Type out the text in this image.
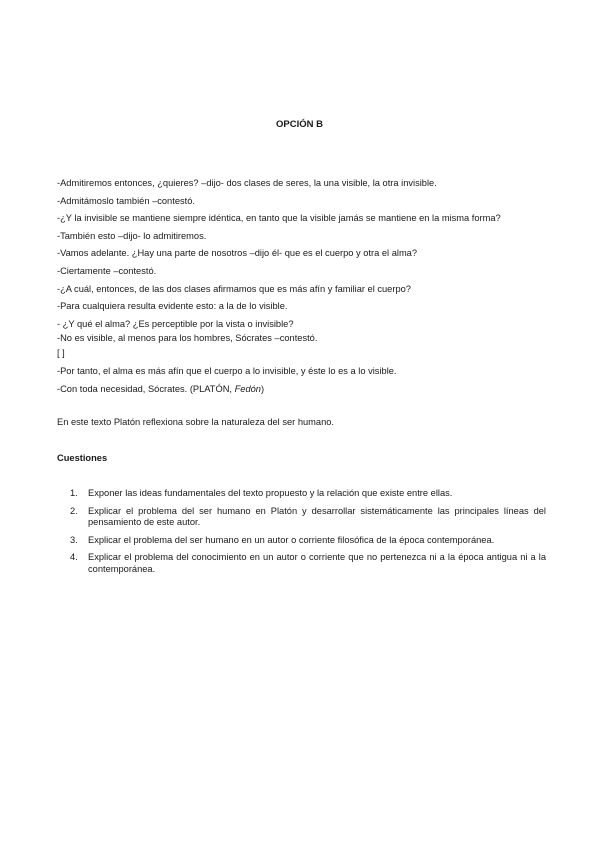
OPCIÓN B
-Admitiremos entonces, ¿quieres? –dijo- dos clases de seres, la una visible, la otra invisible.
-Admitámoslo también –contestó.
-¿Y la invisible se mantiene siempre idéntica, en tanto que la visible jamás se mantiene en la misma forma?
-También esto –dijo- lo admitiremos.
-Vamos adelante. ¿Hay una parte de nosotros –dijo él- que es el cuerpo y otra el alma?
-Ciertamente –contestó.
-¿A cuál, entonces, de las dos clases afirmamos que es más afín y familiar el cuerpo?
-Para cualquiera resulta evidente esto: a la de lo visible.
- ¿Y qué el alma? ¿Es perceptible por la vista o invisible?
-No es visible, al menos para los hombres, Sócrates –contestó.
[ ]
-Por tanto, el alma es más afín que el cuerpo a lo invisible, y éste lo es a lo visible.
-Con toda necesidad, Sócrates. (PLATÓN, Fedón)
En este texto Platón reflexiona sobre la naturaleza del ser humano.
Cuestiones
1.	Exponer las ideas fundamentales del texto propuesto y la relación que existe entre ellas.
2.	Explicar el problema del ser humano en Platón y desarrollar sistemáticamente las principales líneas del pensamiento de este autor.
3.	Explicar el problema del ser humano en un autor o corriente filosófica de la época contemporánea.
4.	Explicar el problema del conocimiento en un autor o corriente que no pertenezca ni a la época antigua ni a la contemporánea.
